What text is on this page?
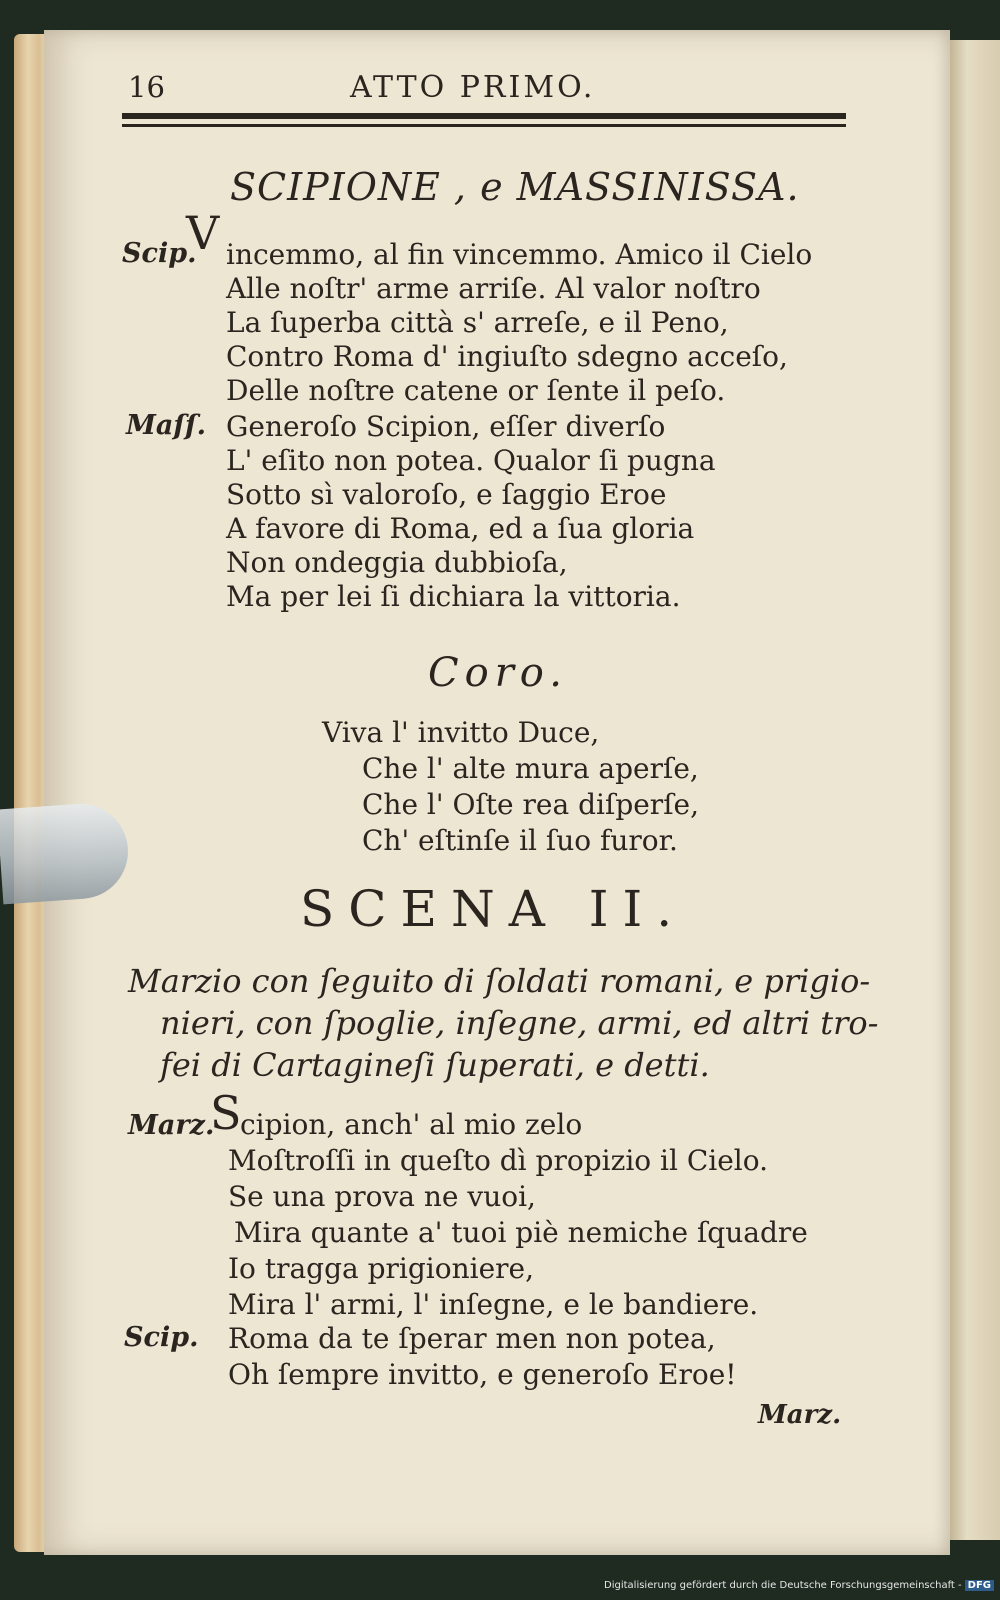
16	ATTO PRIMO.
SCIPIONE , e MASSINISSA.
Scip.
V incemmo, al fin vincemmo. Amico il Cielo
Alle noſtr' arme arriſe. Al valor noſtro
La ſuperba città s' arreſe, e il Peno,
Contro Roma d' ingiuſto sdegno acceſo,
Delle noſtre catene or ſente il peſo.
Maſſ. Generoſo Scipion, eſſer diverſo
L' eſito non potea. Qualor ſi pugna
Sotto sì valoroſo, e ſaggio Eroe
A favore di Roma, ed a ſua gloria
Non ondeggia dubbioſa,
Ma per lei ſi dichiara la vittoria.
Coro.
Viva l' invitto Duce,
Che l' alte mura aperſe,
Che l' Oſte rea diſperſe,
Ch' eſtinſe il ſuo furor.
SCENA II.
Marzio con ſeguito di ſoldati romani, e prigio-
nieri, con ſpoglie, inſegne, armi, ed altri tro-
fei di Cartagineſi ſuperati, e detti.
Marz.
S
cipion, anch' al mio zelo
Moſtroſſi in queſto dì propizio il Cielo.
Se una prova ne vuoi,
Mira quante a' tuoi piè nemiche ſquadre
Io tragga prigioniere,
Mira l' armi, l' inſegne, e le bandiere.
Scip. Roma da te ſperar men non potea,
Oh ſempre invitto, e generoſo Eroe!
Marz.
Digitalisierung gefördert durch die Deutsche Forschungsgemeinschaft - DFG
